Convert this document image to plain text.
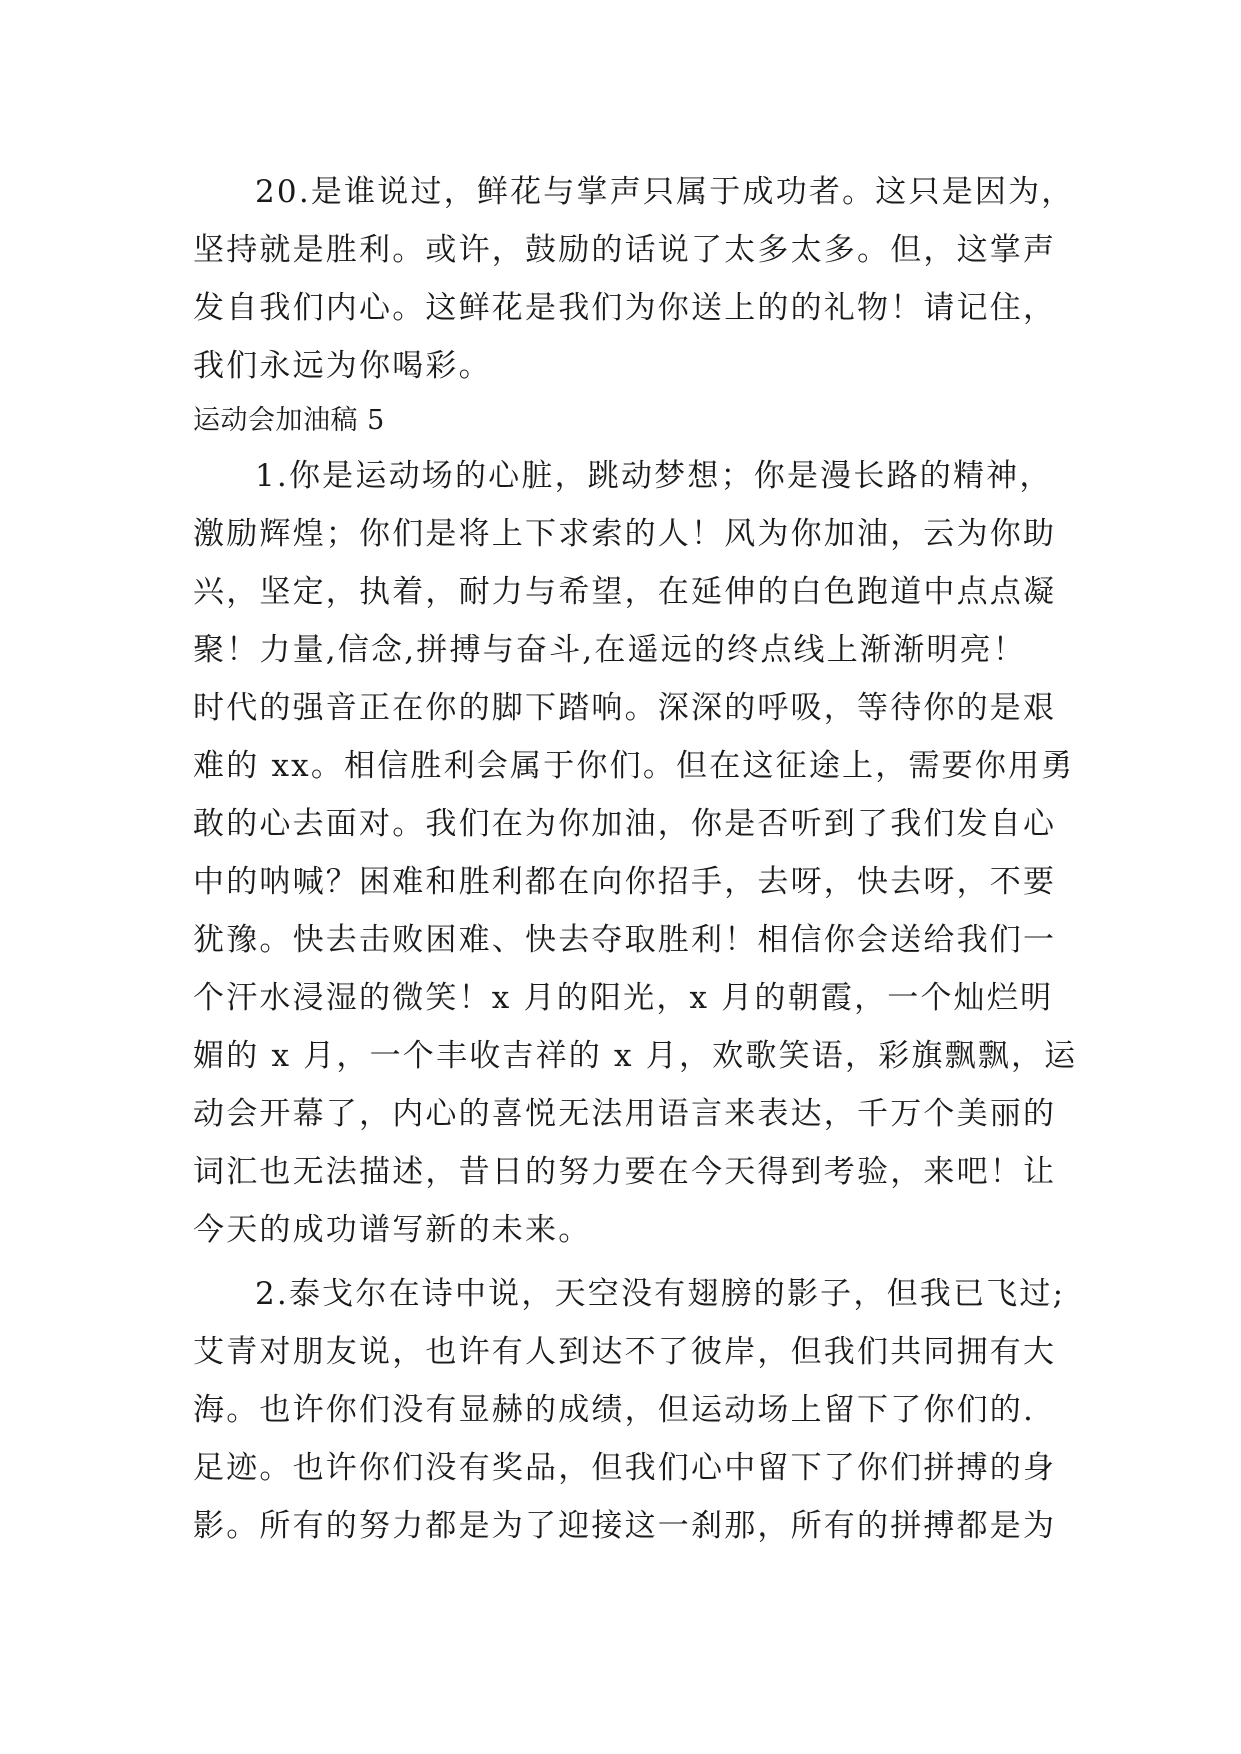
20.是谁说过，鲜花与掌声只属于成功者。这只是因为，
坚持就是胜利。或许，鼓励的话说了太多太多。但，这掌声
发自我们内心。这鲜花是我们为你送上的的礼物！请记住，
我们永远为你喝彩。
运动会加油稿 5
1.你是运动场的心脏，跳动梦想；你是漫长路的精神，
激励辉煌；你们是将上下求索的人！风为你加油，云为你助
兴，坚定，执着，耐力与希望，在延伸的白色跑道中点点凝
聚！力量,信念,拼搏与奋斗,在遥远的终点线上渐渐明亮！
时代的强音正在你的脚下踏响。深深的呼吸，等待你的是艰
难的 xx。相信胜利会属于你们。但在这征途上，需要你用勇
敢的心去面对。我们在为你加油，你是否听到了我们发自心
中的呐喊？困难和胜利都在向你招手，去呀，快去呀，不要
犹豫。快去击败困难、快去夺取胜利！相信你会送给我们一
个汗水浸湿的微笑！x 月的阳光，x 月的朝霞，一个灿烂明
媚的 x 月，一个丰收吉祥的 x 月，欢歌笑语，彩旗飘飘，运
动会开幕了，内心的喜悦无法用语言来表达，千万个美丽的
词汇也无法描述，昔日的努力要在今天得到考验，来吧！让
今天的成功谱写新的未来。
2.泰戈尔在诗中说，天空没有翅膀的影子，但我已飞过;
艾青对朋友说，也许有人到达不了彼岸，但我们共同拥有大
海。也许你们没有显赫的成绩，但运动场上留下了你们的.
足迹。也许你们没有奖品，但我们心中留下了你们拼搏的身
影。所有的努力都是为了迎接这一刹那，所有的拼搏都是为
